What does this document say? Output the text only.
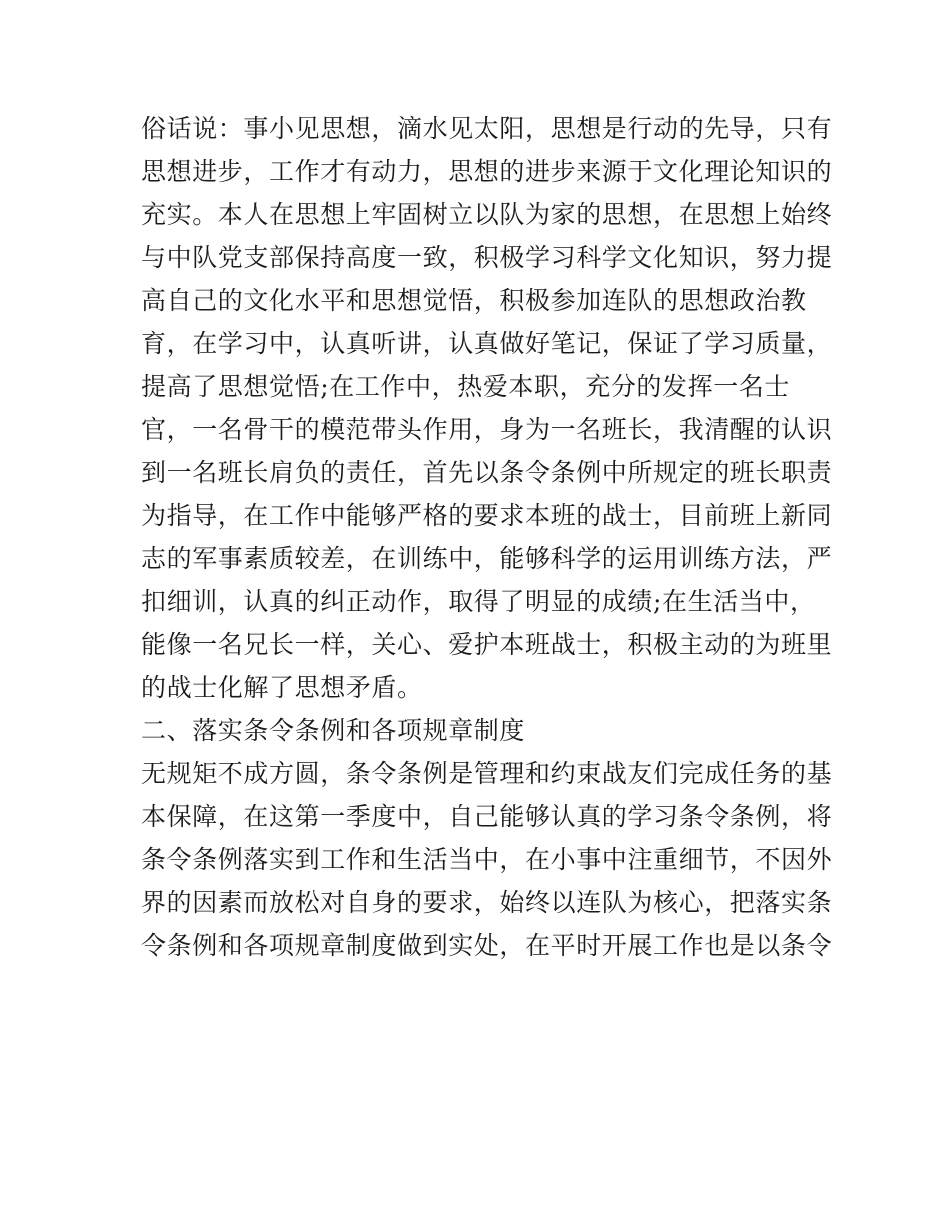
俗话说：事小见思想，滴水见太阳，思想是行动的先导，只有
思想进步，工作才有动力，思想的进步来源于文化理论知识的
充实。本人在思想上牢固树立以队为家的思想，在思想上始终
与中队党支部保持高度一致，积极学习科学文化知识，努力提
高自己的文化水平和思想觉悟，积极参加连队的思想政治教
育，在学习中，认真听讲，认真做好笔记，保证了学习质量，
提高了思想觉悟;在工作中，热爱本职，充分的发挥一名士
官，一名骨干的模范带头作用，身为一名班长，我清醒的认识
到一名班长肩负的责任，首先以条令条例中所规定的班长职责
为指导，在工作中能够严格的要求本班的战士，目前班上新同
志的军事素质较差，在训练中，能够科学的运用训练方法，严
扣细训，认真的纠正动作，取得了明显的成绩;在生活当中，
能像一名兄长一样，关心、爱护本班战士，积极主动的为班里
的战士化解了思想矛盾。
二、落实条令条例和各项规章制度
无规矩不成方圆，条令条例是管理和约束战友们完成任务的基
本保障，在这第一季度中，自己能够认真的学习条令条例，将
条令条例落实到工作和生活当中，在小事中注重细节，不因外
界的因素而放松对自身的要求，始终以连队为核心，把落实条
令条例和各项规章制度做到实处，在平时开展工作也是以条令
